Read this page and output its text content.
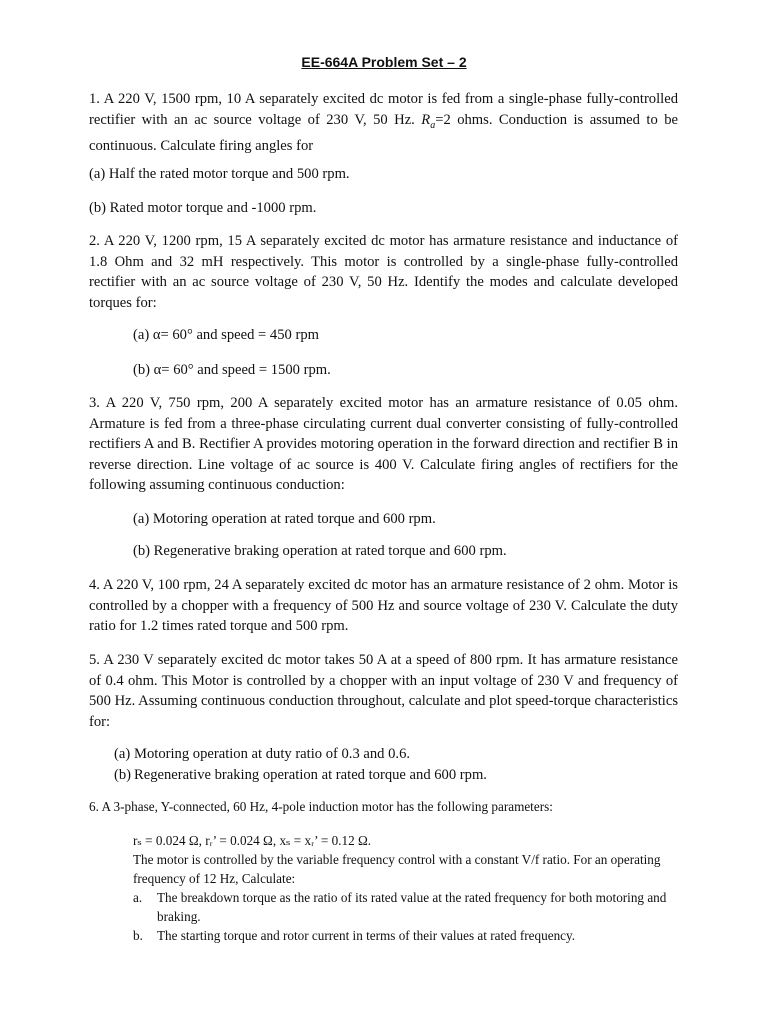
EE-664A Problem Set – 2
1. A 220 V, 1500 rpm, 10 A separately excited dc motor is fed from a single-phase fully-controlled rectifier with an ac source voltage of 230 V, 50 Hz. $R_a=2$ ohms. Conduction is assumed to be continuous. Calculate firing angles for
(a) Half the rated motor torque and 500 rpm.
(b) Rated motor torque and -1000 rpm.
2. A 220 V, 1200 rpm, 15 A separately excited dc motor has armature resistance and inductance of 1.8 Ohm and 32 mH respectively. This motor is controlled by a single-phase fully-controlled rectifier with an ac source voltage of 230 V, 50 Hz. Identify the modes and calculate developed torques for:
(a) α= 60° and speed = 450 rpm
(b) α= 60° and speed = 1500 rpm.
3. A 220 V, 750 rpm, 200 A separately excited motor has an armature resistance of 0.05 ohm. Armature is fed from a three-phase circulating current dual converter consisting of fully-controlled rectifiers A and B. Rectifier A provides motoring operation in the forward direction and rectifier B in reverse direction. Line voltage of ac source is 400 V. Calculate firing angles of rectifiers for the following assuming continuous conduction:
(a) Motoring operation at rated torque and 600 rpm.
(b) Regenerative braking operation at rated torque and 600 rpm.
4. A 220 V, 100 rpm, 24 A separately excited dc motor has an armature resistance of 2 ohm. Motor is controlled by a chopper with a frequency of 500 Hz and source voltage of 230 V. Calculate the duty ratio for 1.2 times rated torque and 500 rpm.
5. A 230 V separately excited dc motor takes 50 A at a speed of 800 rpm. It has armature resistance of 0.4 ohm. This Motor is controlled by a chopper with an input voltage of 230 V and frequency of 500 Hz. Assuming continuous conduction throughout, calculate and plot speed-torque characteristics for:
(a) Motoring operation at duty ratio of 0.3 and 0.6.
(b) Regenerative braking operation at rated torque and 600 rpm.
6. A 3-phase, Y-connected, 60 Hz, 4-pole induction motor has the following parameters:
rₛ = 0.024 Ω, rᵣ’ = 0.024 Ω, xₛ = xᵣ’ = 0.12 Ω.
The motor is controlled by the variable frequency control with a constant V/f ratio. For an operating frequency of 12 Hz, Calculate:
a.	The breakdown torque as the ratio of its rated value at the rated frequency for both motoring and braking.
b.	The starting torque and rotor current in terms of their values at rated frequency.
